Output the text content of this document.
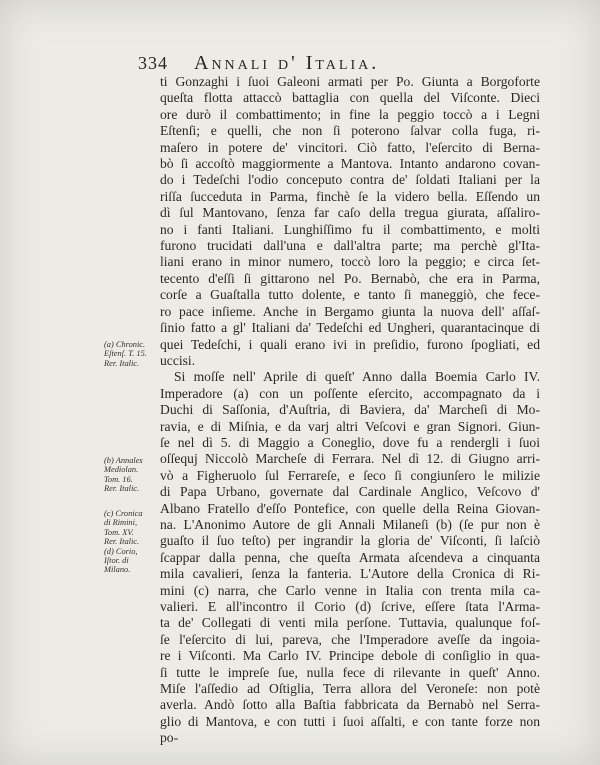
334 Annali d' Italia.
ti Gonzaghi i ſuoi Galeoni armati per Po. Giunta a Borgoforte
queſta flotta attaccò battaglia con quella del Viſconte. Dieci
ore durò il combattimento; in fine la peggio toccò a i Legni
Eſtenſi; e quelli, che non ſi poterono ſalvar colla fuga, ri-
maſero in potere de' vincitori. Ciò fatto, l'eſercito di Berna-
bò ſi accoſtò maggiormente a Mantova. Intanto andarono covan-
do i Tedeſchi l'odio conceputo contra de' ſoldati Italiani per la
riſſa ſucceduta in Parma, finchè ſe la videro bella. Eſſendo un
dì ſul Mantovano, ſenza far caſo della tregua giurata, aſſaliro-
no i fanti Italiani. Lunghiſſimo fu il combattimento, e molti
furono trucidati dall'una e dall'altra parte; ma perchè gl'Ita-
liani erano in minor numero, toccò loro la peggio; e circa ſet-
tecento d'eſſi ſi gittarono nel Po. Bernabò, che era in Parma,
corſe a Guaſtalla tutto dolente, e tanto ſi maneggiò, che fece-
ro pace inſieme. Anche in Bergamo giunta la nuova dell' aſſaſ-
ſinio fatto a gl' Italiani da' Tedeſchi ed Ungheri, quarantacinque di
quei Tedeſchi, i quali erano ivi in preſidio, furono ſpogliati, ed
uccisi.
Si moſſe nell' Aprile di queſt' Anno dalla Boemia Carlo IV.
Imperadore (a) con un poſſente eſercito, accompagnato da i
Duchi di Saſſonia, d'Auſtria, di Baviera, da' Marcheſi di Mo-
ravia, e di Miſnia, e da varj altri Veſcovi e gran Signori. Giun-
ſe nel dì 5. di Maggio a Coneglio, dove fu a rendergli i ſuoi
oſſequj Niccolò Marcheſe di Ferrara. Nel dì 12. di Giugno arri-
vò a Figheruolo ſul Ferrareſe, e ſeco ſi congiunſero le milizie
di Papa Urbano, governate dal Cardinale Anglico, Veſcovo d'
Albano Fratello d'eſſo Pontefice, con quelle della Reina Giovan-
na. L'Anonimo Autore de gli Annali Milaneſi (b) (ſe pur non è
guaſto il ſuo teſto) per ingrandir la gloria de' Viſconti, ſi laſciò
ſcappar dalla penna, che queſta Armata aſcendeva a cinquanta
mila cavalieri, ſenza la fanteria. L'Autore della Cronica di Ri-
mini (c) narra, che Carlo venne in Italia con trenta mila ca-
valieri. E all'incontro il Corio (d) ſcrive, eſſere ſtata l'Arma-
ta de' Collegati di venti mila perſone. Tuttavia, qualunque foſ-
ſe l'eſercito di lui, pareva, che l'Imperadore aveſſe da ingoia-
re i Viſconti. Ma Carlo IV. Principe debole di conſiglio in qua-
ſi tutte le impreſe ſue, nulla fece di rilevante in queſt' Anno.
Miſe l'aſſedio ad Oſtiglia, Terra allora del Veroneſe: non potè
averla. Andò ſotto alla Baſtia fabbricata da Bernabò nel Serra-
glio di Mantova, e con tutti i ſuoi aſſalti, e con tante forze non
po-
(a) Chronic.
Eſtenſ. T. 15.
Rer. Italic.
(b) Annales
Mediolan.
Tom. 16.
Rer. Italic.
(c) Cronica
di Rimini,
Tom. XV.
Rer. Italic.
(d) Corio,
Iſtor. di
Milano.
